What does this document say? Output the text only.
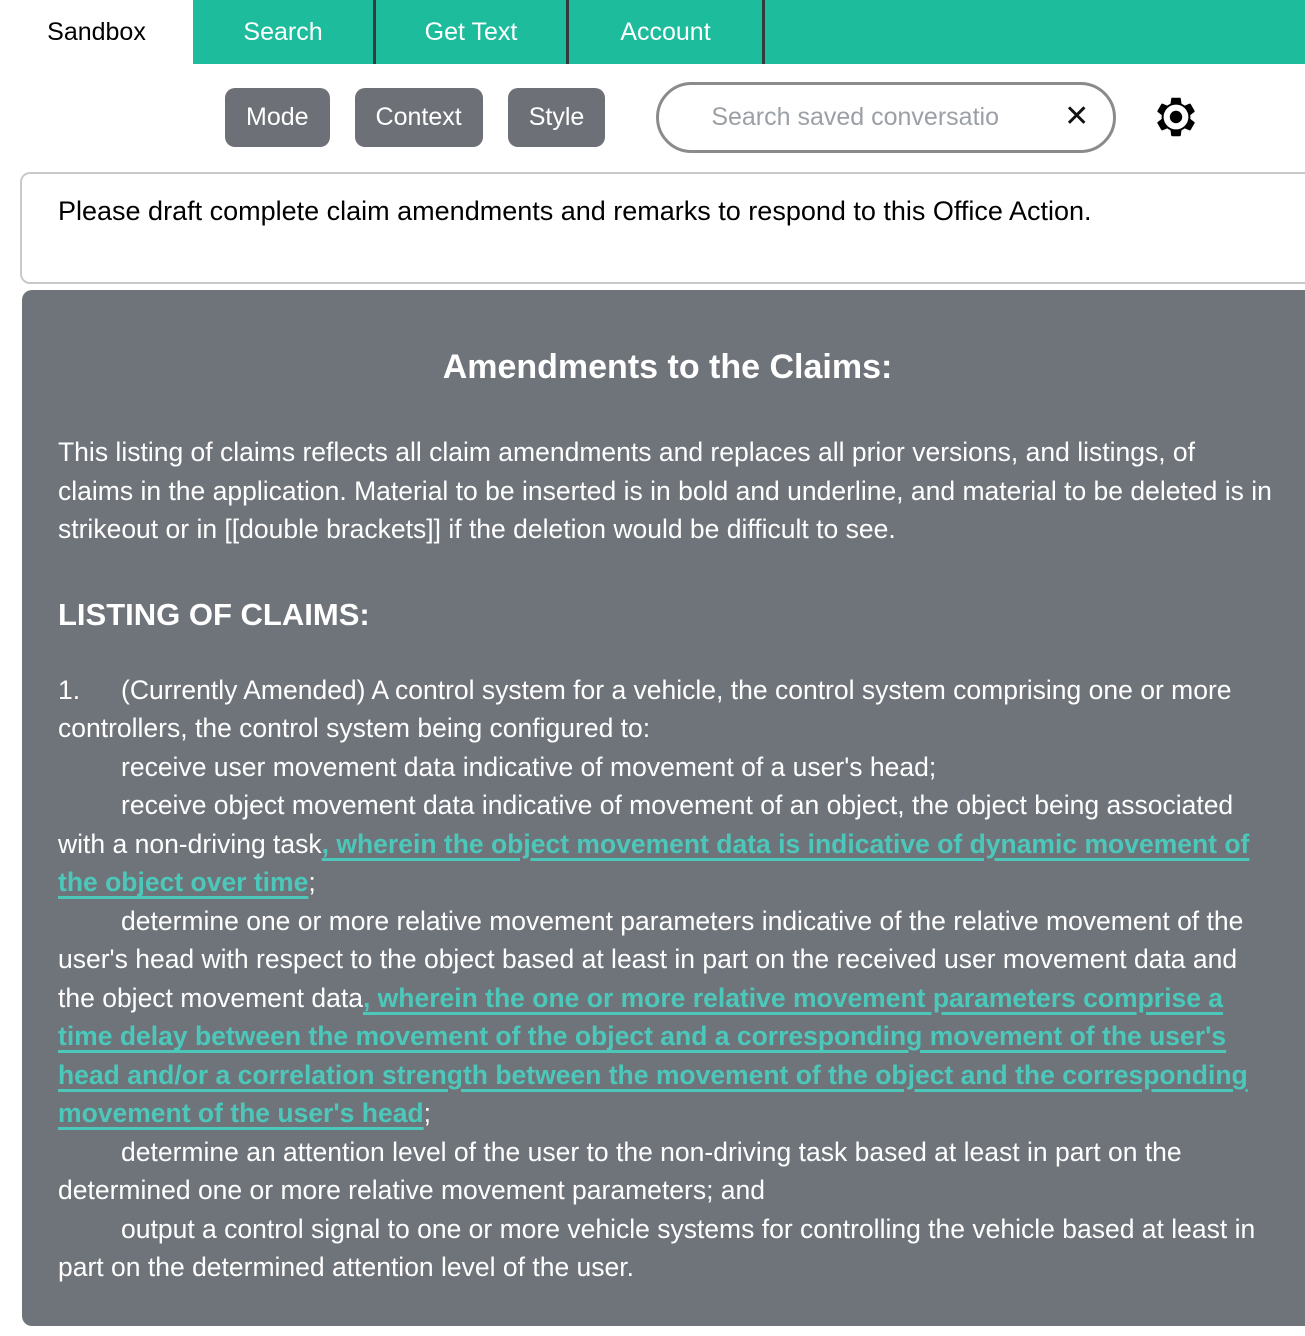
Sandbox	Search	Get Text	Account
Mode	Context	Style
Search saved conversatio	✕
Please draft complete claim amendments and remarks to respond to this Office Action.
Amendments to the Claims:

This listing of claims reflects all claim amendments and replaces all prior versions, and listings, of claims in the application. Material to be inserted is in bold and underline, and material to be deleted is in strikeout or in [[double brackets]] if the deletion would be difficult to see.

LISTING OF CLAIMS:

1. (Currently Amended) A control system for a vehicle, the control system comprising one or more controllers, the control system being configured to:

receive user movement data indicative of movement of a user's head;

receive object movement data indicative of movement of an object, the object being associated with a non-driving task, wherein the object movement data is indicative of dynamic movement of the object over time;

determine one or more relative movement parameters indicative of the relative movement of the user's head with respect to the object based at least in part on the received user movement data and the object movement data, wherein the one or more relative movement parameters comprise a time delay between the movement of the object and a corresponding movement of the user's head and/or a correlation strength between the movement of the object and the corresponding movement of the user's head;

determine an attention level of the user to the non-driving task based at least in part on the determined one or more relative movement parameters; and

output a control signal to one or more vehicle systems for controlling the vehicle based at least in part on the determined attention level of the user.
